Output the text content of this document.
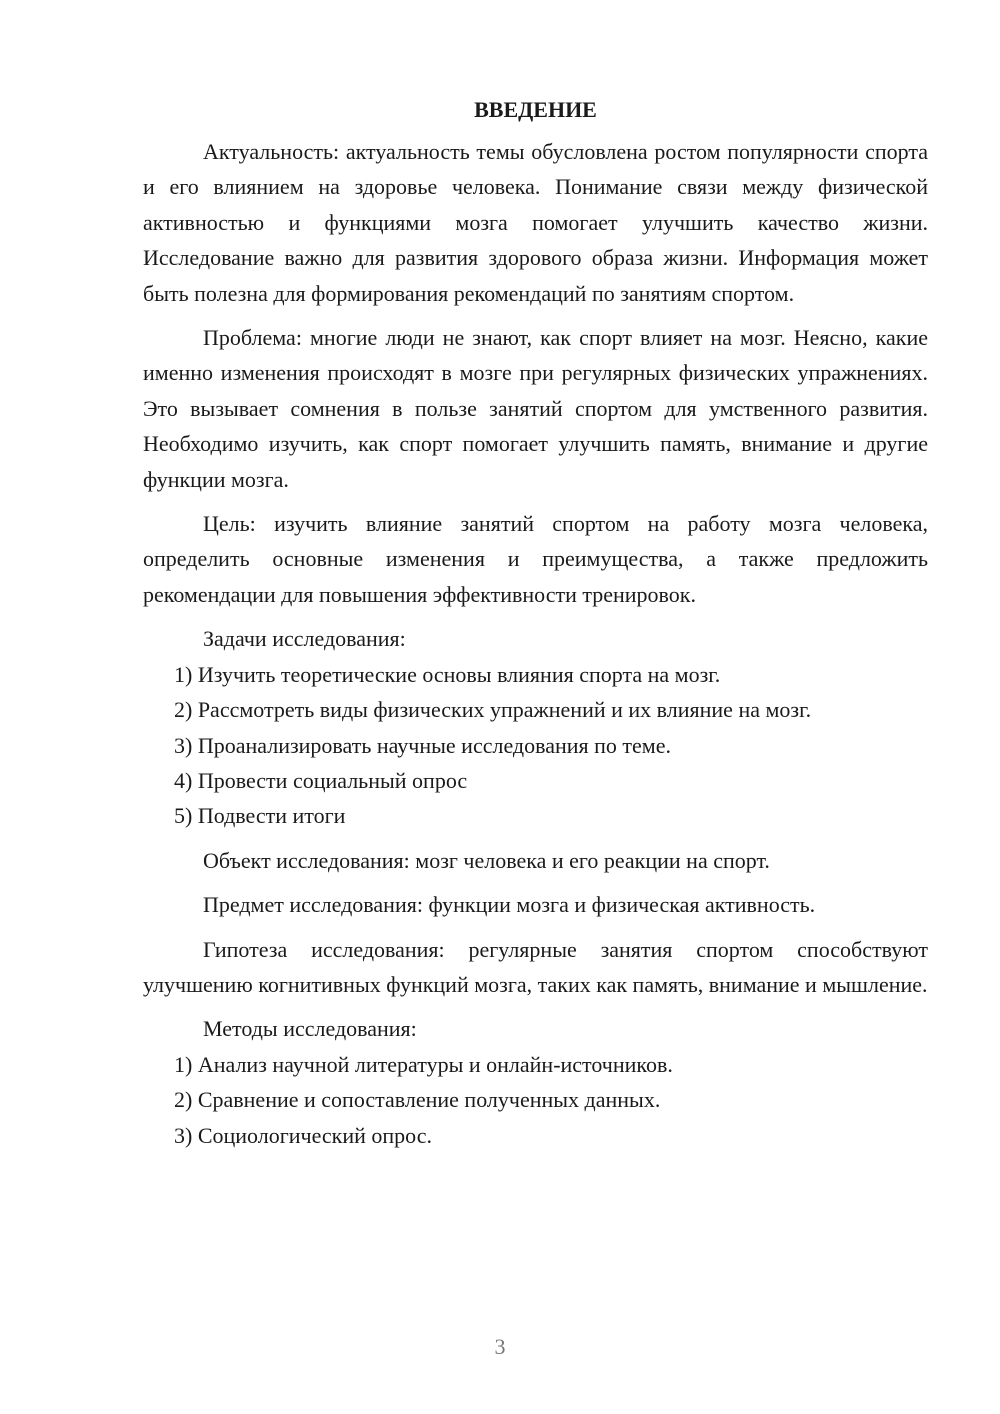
ВВЕДЕНИЕ

Актуальность: актуальность темы обусловлена ростом популярности спорта и его влиянием на здоровье человека. Понимание связи между физической активностью и функциями мозга помогает улучшить качество жизни. Исследование важно для развития здорового образа жизни. Информация может быть полезна для формирования рекомендаций по занятиям спортом.

Проблема: многие люди не знают, как спорт влияет на мозг. Неясно, какие именно изменения происходят в мозге при регулярных физических упражнениях. Это вызывает сомнения в пользе занятий спортом для умственного развития. Необходимо изучить, как спорт помогает улучшить память, внимание и другие функции мозга.

Цель: изучить влияние занятий спортом на работу мозга человека, определить основные изменения и преимущества, а также предложить рекомендации для повышения эффективности тренировок.

Задачи исследования:

1) Изучить теоретические основы влияния спорта на мозг.

2) Рассмотреть виды физических упражнений и их влияние на мозг.

3) Проанализировать научные исследования по теме.

4) Провести социальный опрос

5) Подвести итоги

Объект исследования: мозг человека и его реакции на спорт.

Предмет исследования: функции мозга и физическая активность.

Гипотеза исследования: регулярные занятия спортом способствуют улучшению когнитивных функций мозга, таких как память, внимание и мышление.

Методы исследования:

1) Анализ научной литературы и онлайн-источников.

2) Сравнение и сопоставление полученных данных.

3) Социологический опрос.

3
